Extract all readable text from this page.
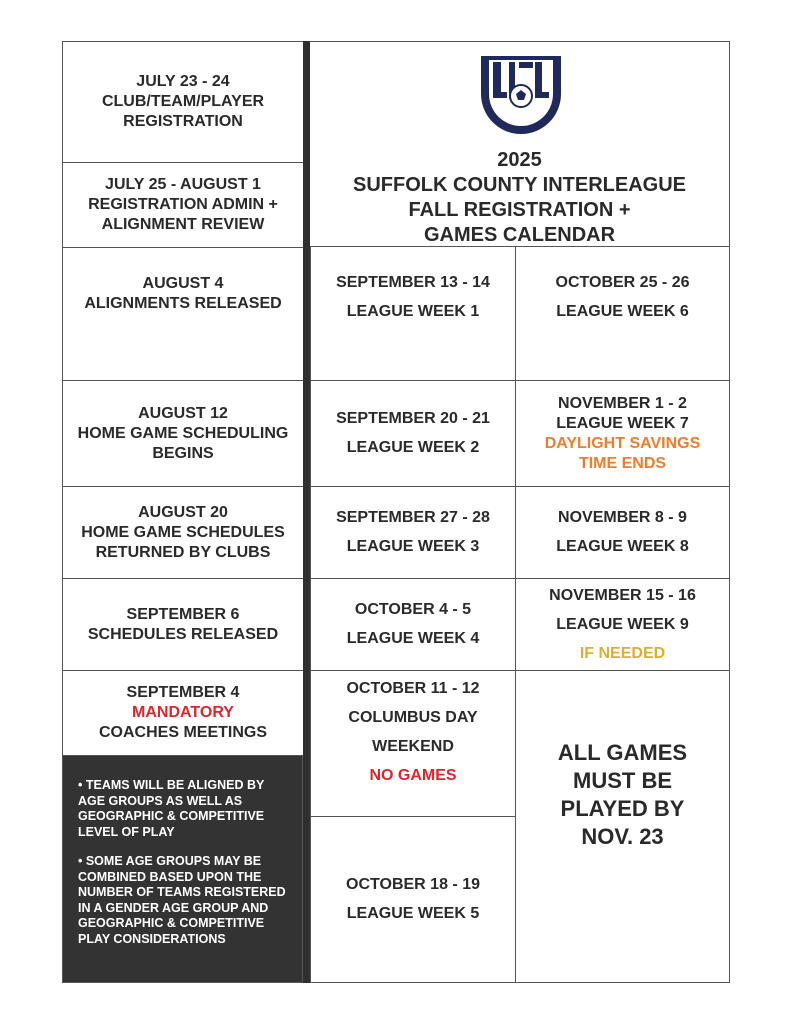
JULY 23 - 24
CLUB/TEAM/PLAYER
REGISTRATION
JULY 25 - AUGUST 1
REGISTRATION ADMIN +
ALIGNMENT REVIEW
AUGUST 4
ALIGNMENTS RELEASED
AUGUST 12
HOME GAME SCHEDULING
BEGINS
AUGUST 20
HOME GAME SCHEDULES
RETURNED BY CLUBS
SEPTEMBER 6
SCHEDULES RELEASED
SEPTEMBER 4
MANDATORY
COACHES MEETINGS

• TEAMS WILL BE ALIGNED BY AGE GROUPS AS WELL AS GEOGRAPHIC & COMPETITIVE LEVEL OF PLAY

• SOME AGE GROUPS MAY BE COMBINED BASED UPON THE NUMBER OF TEAMS REGISTERED IN A GENDER AGE GROUP AND GEOGRAPHIC & COMPETITIVE PLAY CONSIDERATIONS

2025
SUFFOLK COUNTY INTERLEAGUE
FALL REGISTRATION +
GAMES CALENDAR
SEPTEMBER 13 - 14
LEAGUE WEEK 1
SEPTEMBER 20 - 21
LEAGUE WEEK 2
SEPTEMBER 27 - 28
LEAGUE WEEK 3
OCTOBER 4 - 5
LEAGUE WEEK 4
OCTOBER 11 - 12
COLUMBUS DAY
WEEKEND
NO GAMES
OCTOBER 18 - 19
LEAGUE WEEK 5
OCTOBER 25 - 26
LEAGUE WEEK 6
NOVEMBER 1 - 2
LEAGUE WEEK 7
DAYLIGHT SAVINGS
TIME ENDS
NOVEMBER 8 - 9
LEAGUE WEEK 8
NOVEMBER 15 - 16
LEAGUE WEEK 9
IF NEEDED
ALL GAMES
MUST BE
PLAYED BY
NOV. 23
